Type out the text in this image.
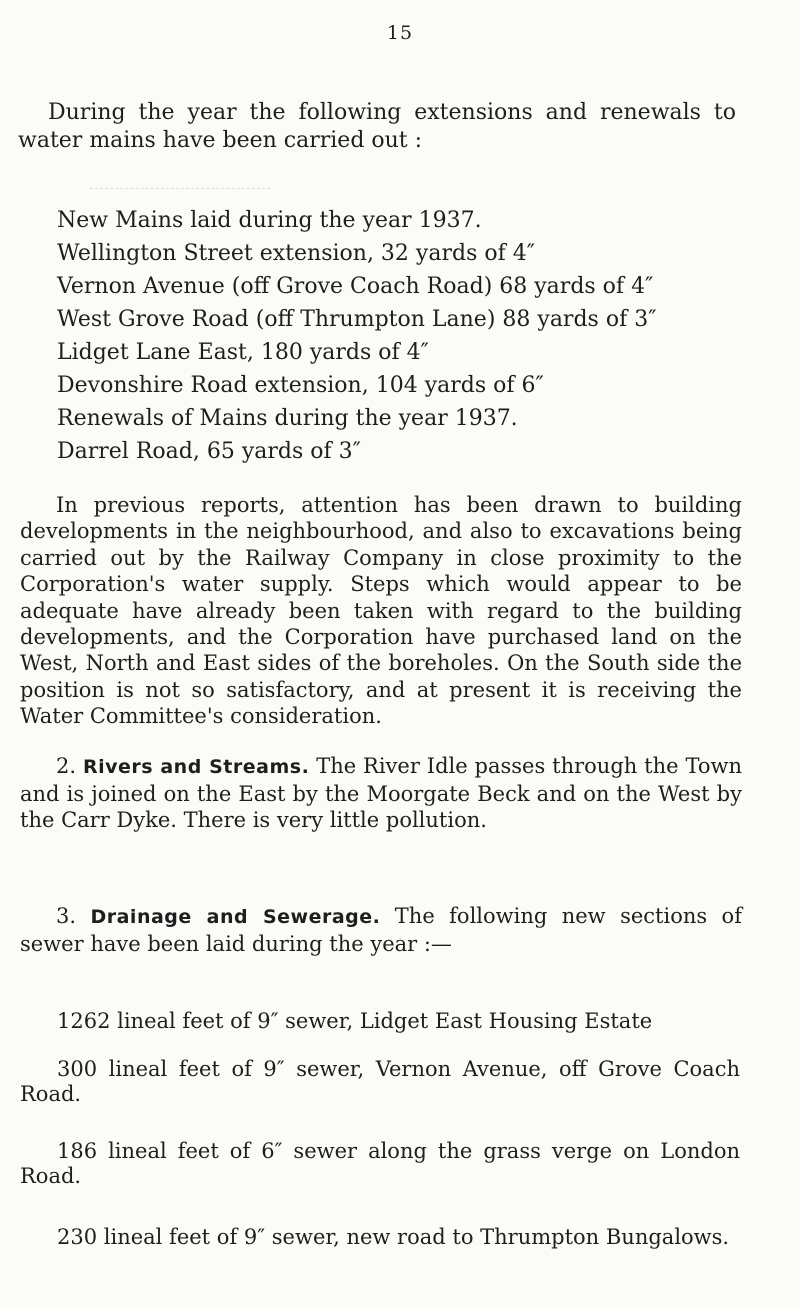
15
During the year the following extensions and renewals to water mains have been carried out :

New Mains laid during the year 1937.

Wellington Street extension, 32 yards of 4″

Vernon Avenue (off Grove Coach Road) 68 yards of 4″

West Grove Road (off Thrumpton Lane) 88 yards of 3″

Lidget Lane East, 180 yards of 4″

Devonshire Road extension, 104 yards of 6″

Renewals of Mains during the year 1937.

Darrel Road, 65 yards of 3″

In previous reports, attention has been drawn to building developments in the neighbourhood, and also to excavations being carried out by the Railway Company in close proximity to the Corporation's water supply. Steps which would appear to be adequate have already been taken with regard to the building developments, and the Corporation have purchased land on the West, North and East sides of the boreholes. On the South side the position is not so satisfactory, and at present it is receiving the Water Committee's consideration.

2. Rivers and Streams. The River Idle passes through the Town and is joined on the East by the Moorgate Beck and on the West by the Carr Dyke. There is very little pollution.

3. Drainage and Sewerage. The following new sections of sewer have been laid during the year :—

1262 lineal feet of 9″ sewer, Lidget East Housing Estate

300 lineal feet of 9″ sewer, Vernon Avenue, off Grove Coach Road.

186 lineal feet of 6″ sewer along the grass verge on London Road.

230 lineal feet of 9″ sewer, new road to Thrumpton Bungalows.
